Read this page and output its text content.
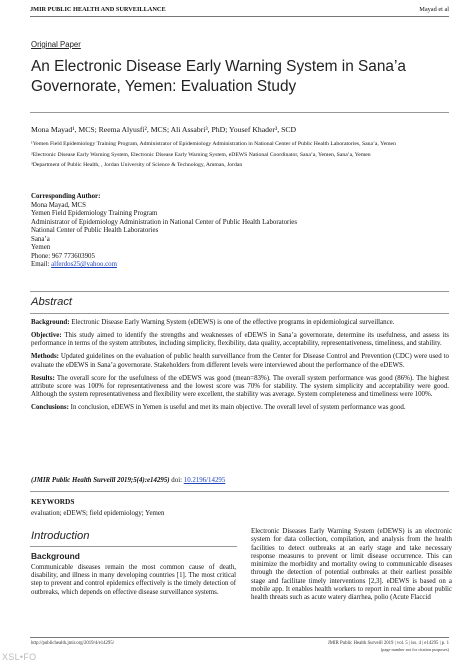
JMIR PUBLIC HEALTH AND SURVEILLANCE	Mayad et al
Original Paper
An Electronic Disease Early Warning System in Sana’a Governorate, Yemen: Evaluation Study
Mona Mayad¹, MCS; Reema Alyusfi², MCS; Ali Assabri³, PhD; Yousef Khader³, SCD

¹Yemen Field Epidemiology Training Program, Administrator of Epidemiology Administration in National Center of Public Health Laboratories, Sana’a, Yemen

²Electronic Disease Early Warning System, Electronic Disease Early Warning System, eDEWS National Coordinator, Sana’a, Yemen, Sana’a, Yemen

³Department of Public Health, , Jordan University of Science & Technology, Amman, Jordan

Corresponding Author:
Mona Mayad, MCS
Yemen Field Epidemiology Training Program
Administrator of Epidemiology Administration in National Center of Public Health Laboratories
National Center of Public Health Laboratories
Sana’a
Yemen
Phone: 967 773603905
Email: alferdos25@yahoo.com
Abstract

Background: Electronic Disease Early Warning System (eDEWS) is one of the effective programs in epidemiological surveillance.

Objective: This study aimed to identify the strengths and weaknesses of eDEWS in Sana’a governorate, determine its usefulness, and assess its performance in terms of the system attributes, including simplicity, flexibility, data quality, acceptability, representativeness, timeliness, and stability.

Methods: Updated guidelines on the evaluation of public health surveillance from the Center for Disease Control and Prevention (CDC) were used to evaluate the eDEWS in Sana’a governorate. Stakeholders from different levels were interviewed about the performance of the eDEWS.

Results: The overall score for the usefulness of the eDEWS was good (mean=83%). The overall system performance was good (86%). The highest attribute score was 100% for representativeness and the lowest score was 70% for stability. The system simplicity and acceptability were good. Although the system representativeness and flexibility were excellent, the stability was average. System completeness and timeliness were 100%.

Conclusions: In conclusion, eDEWS in Yemen is useful and met its main objective. The overall level of system performance was good.

(JMIR Public Health Surveill 2019;5(4):e14295) doi: 10.2196/14295
KEYWORDS
evaluation; eDEWS; field epidemiology; Yemen
Introduction
Background
Communicable diseases remain the most common cause of death, disability, and illness in many developing countries [1]. The most critical step to prevent and control epidemics effectively is the timely detection of outbreaks, which depends on effective disease surveillance systems.
Electronic Diseases Early Warning System (eDEWS) is an electronic system for data collection, compilation, and analysis from the health facilities to detect outbreaks at an early stage and take necessary response measures to prevent or limit disease occurrence. This can minimize the morbidity and mortality owing to communicable diseases through the detection of potential outbreaks at their earliest possible stage and facilitate timely interventions [2,3]. eDEWS is based on a mobile app. It enables health workers to report in real time about public health threats such as acute watery diarrhea, polio (Acute Flaccid
http://publichealth.jmir.org/2019/4/e14295/	JMIR Public Health Surveill 2019 | vol. 5 | iss. 4 | e14295 | p. 1
(page number not for citation purposes)
XSL•FO
